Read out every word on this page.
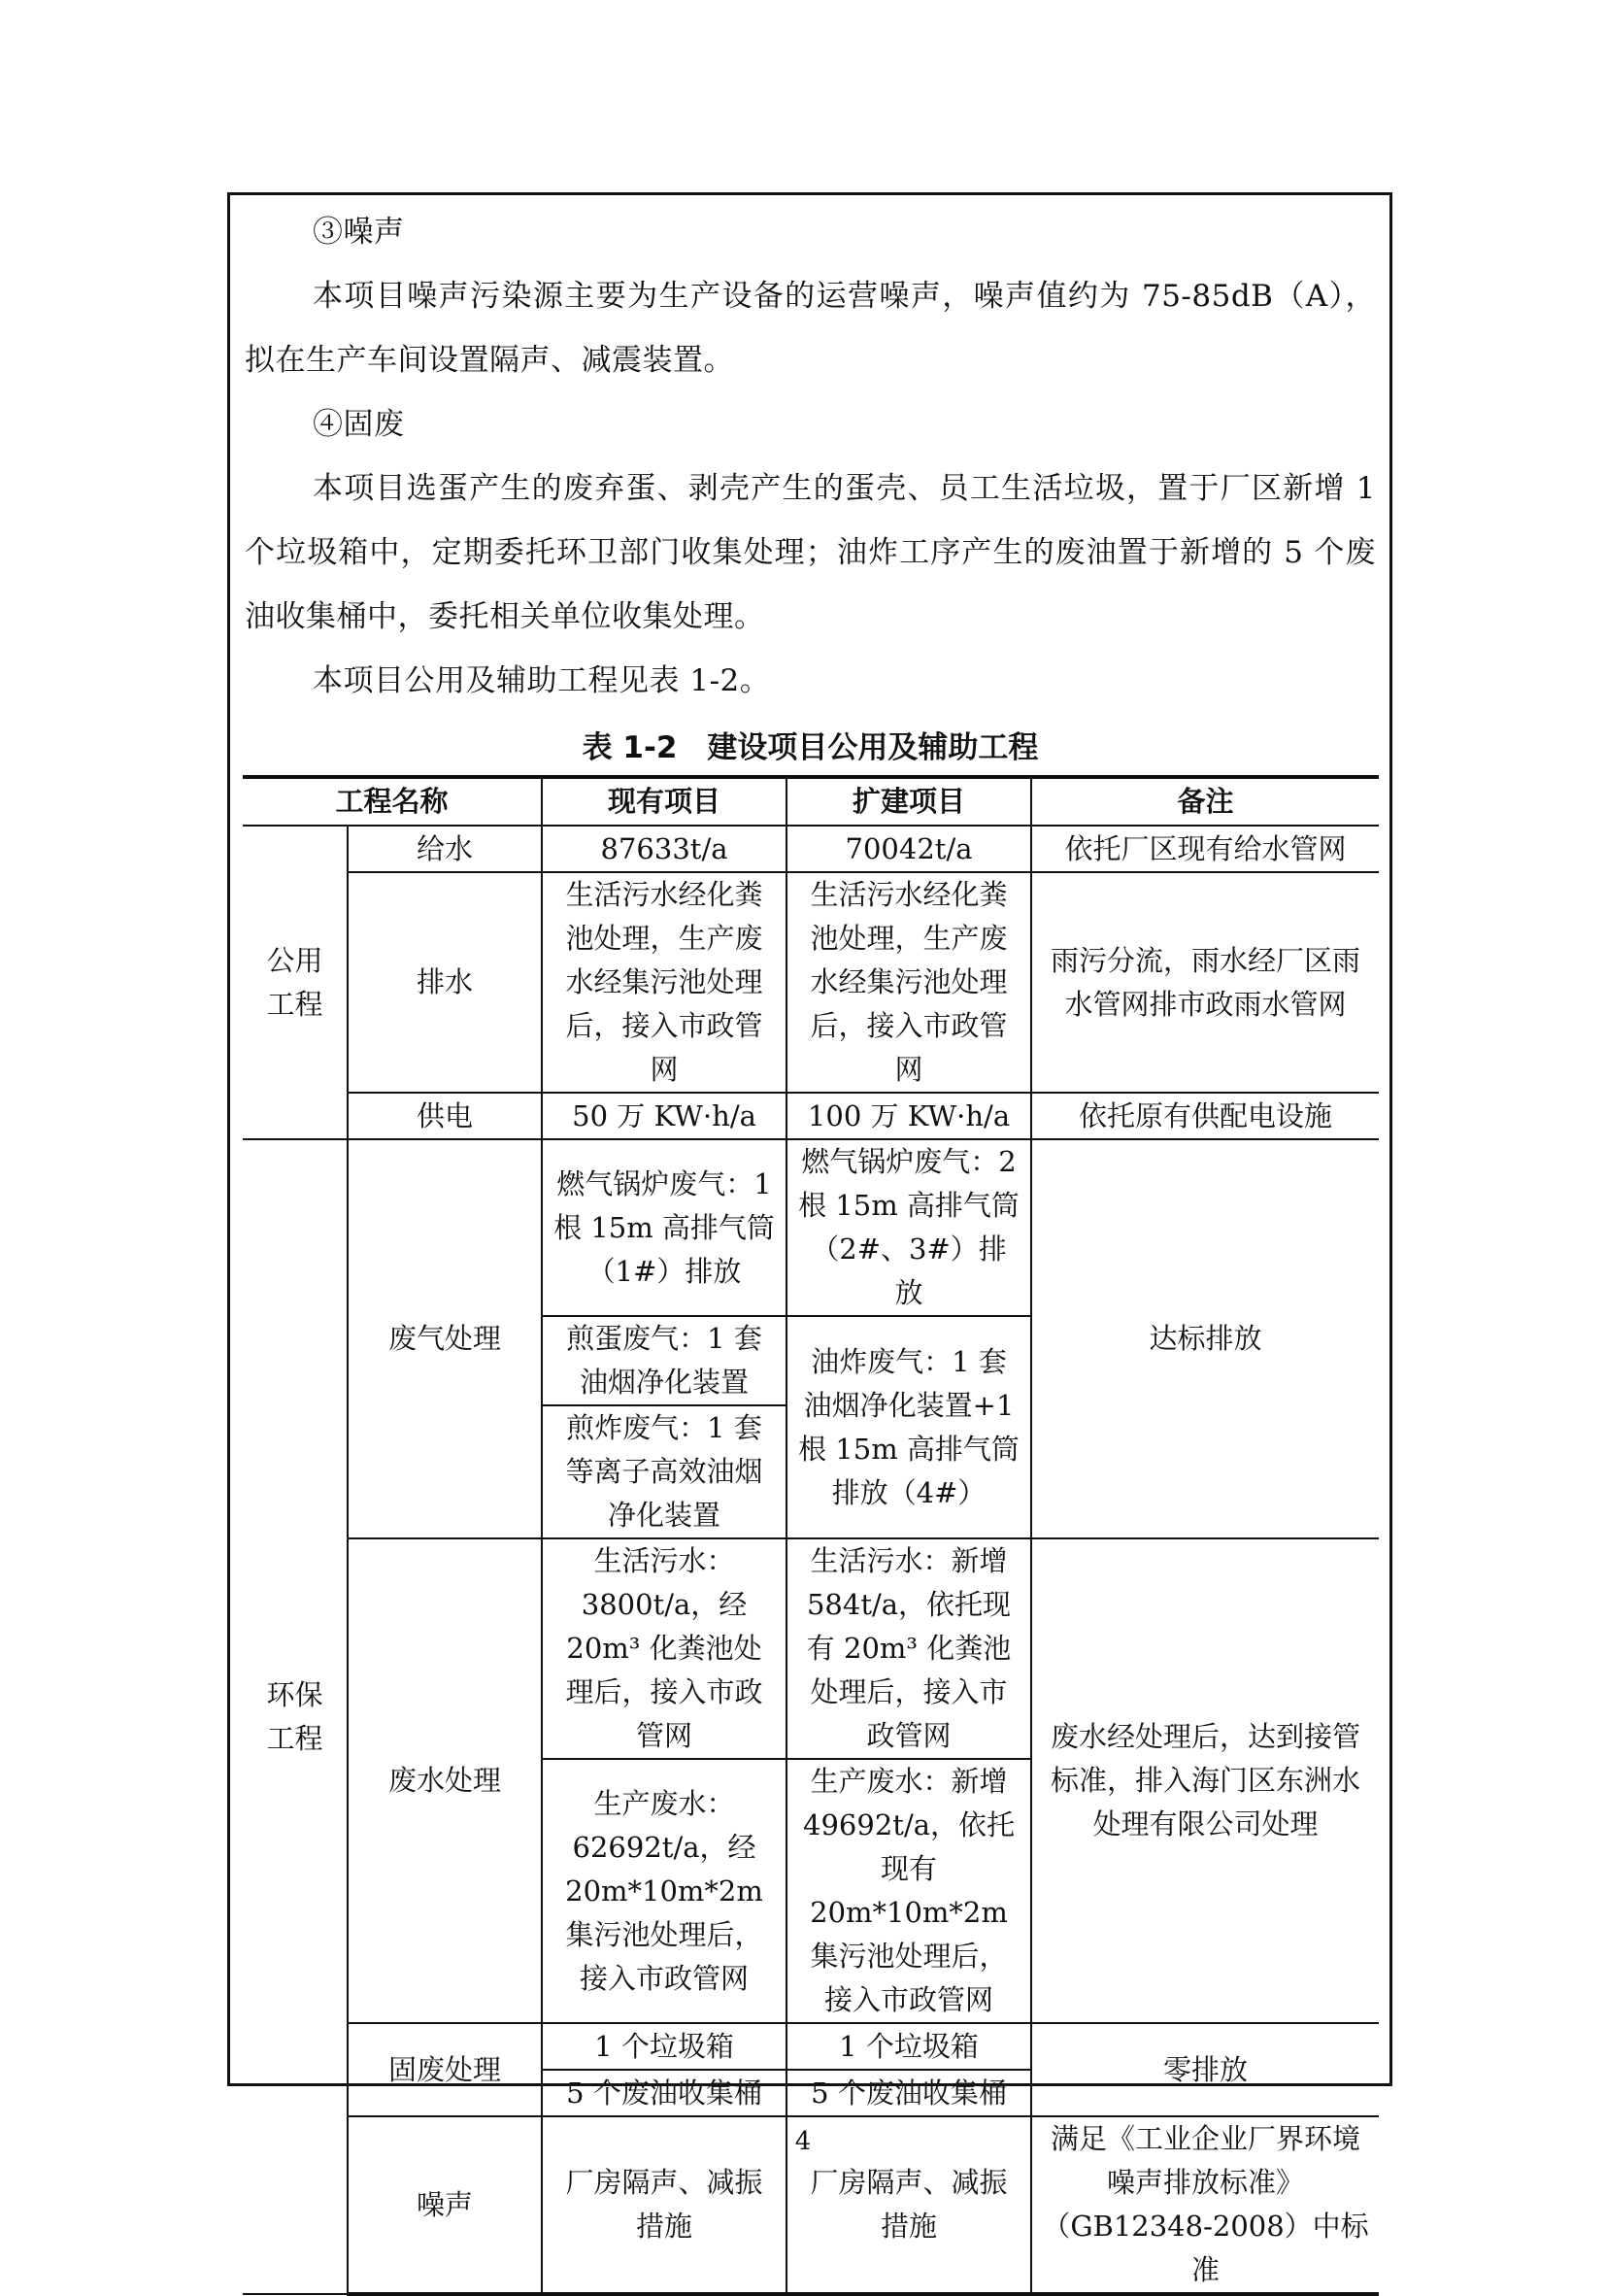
③噪声
本项目噪声污染源主要为生产设备的运营噪声，噪声值约为 75-85dB（A），拟在生产车间设置隔声、减震装置。
④固废
本项目选蛋产生的废弃蛋、剥壳产生的蛋壳、员工生活垃圾，置于厂区新增 1 个垃圾箱中，定期委托环卫部门收集处理；油炸工序产生的废油置于新增的 5 个废油收集桶中，委托相关单位收集处理。
本项目公用及辅助工程见表 1-2。
表 1-2　建设项目公用及辅助工程
工程名称		现有项目	扩建项目	备注
公用
工程	给水	87633t/a	70042t/a	依托厂区现有给水管网
	排水	生活污水经化粪池处理，生产废水经集污池处理后，接入市政管网	生活污水经化粪池处理，生产废水经集污池处理后，接入市政管网	雨污分流，雨水经厂区雨水管网排市政雨水管网
	供电	50 万 KW·h/a	100 万 KW·h/a	依托原有供配电设施
环保
工程	废气处理	燃气锅炉废气：1 根 15m 高排气筒（1#）排放	燃气锅炉废气：2 根 15m 高排气筒（2#、3#）排放	达标排放
		煎蛋废气：1 套油烟净化装置	油炸废气：1 套油烟净化装置+1 根 15m 高排气筒排放（4#）	
		煎炸废气：1 套等离子高效油烟净化装置		
	废水处理	生活污水：3800t/a，经 20m³ 化粪池处理后，接入市政管网	生活污水：新增 584t/a，依托现有 20m³ 化粪池处理后，接入市政管网	废水经处理后，达到接管标准，排入海门区东洲水处理有限公司处理
		生产废水：62692t/a，经 20m*10m*2m 集污池处理后，接入市政管网	生产废水：新增 49692t/a，依托现有 20m*10m*2m 集污池处理后，接入市政管网	
	固废处理	1 个垃圾箱	1 个垃圾箱	零排放
		5 个废油收集桶	5 个废油收集桶	
	噪声	厂房隔声、减振措施	厂房隔声、减振措施	满足《工业企业厂界环境噪声排放标准》（GB12348-2008）中标准
4
